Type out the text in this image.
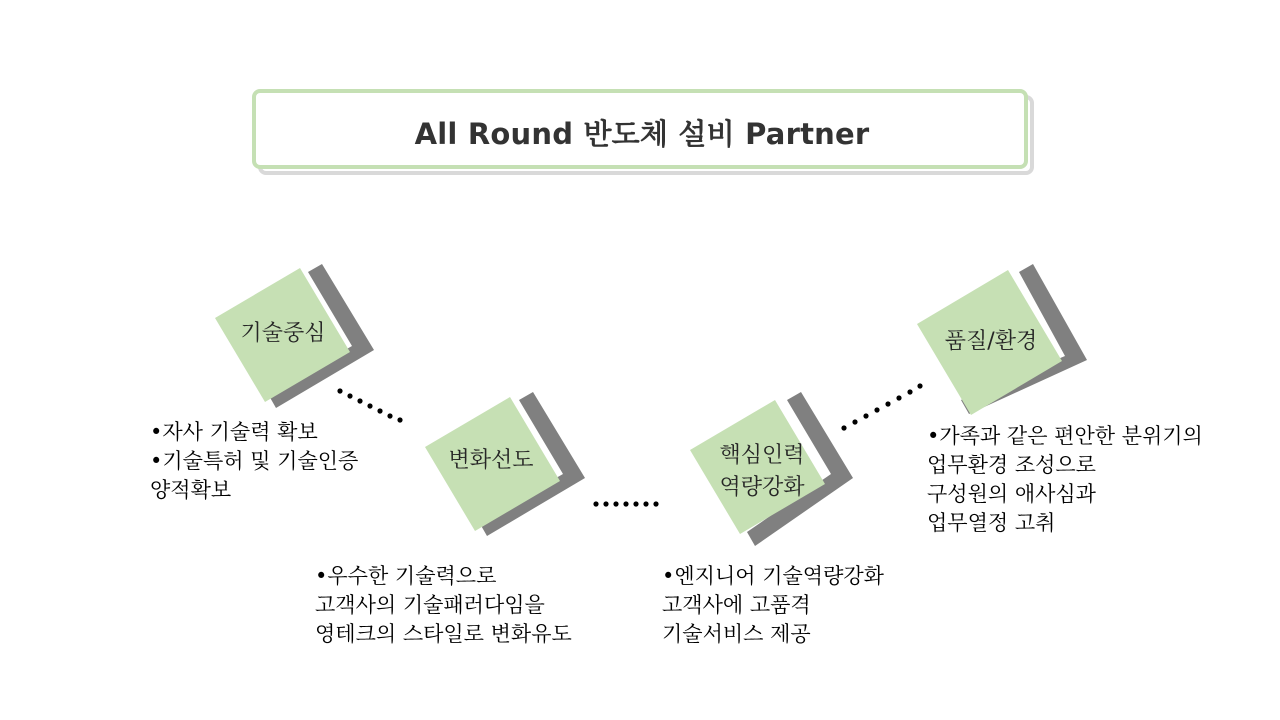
All Round 반도체 설비 Partner
기술중심
변화선도	핵심인력
역량강화
품질/환경
•자사 기술력 확보
•기술특허 및 기술인증
양적확보
•우수한 기술력으로
고객사의 기술패러다임을
영테크의 스타일로 변화유도
•엔지니어 기술역량강화
고객사에 고품격
기술서비스 제공
•가족과 같은 편안한 분위기의
업무환경 조성으로
구성원의 애사심과
업무열정 고취
